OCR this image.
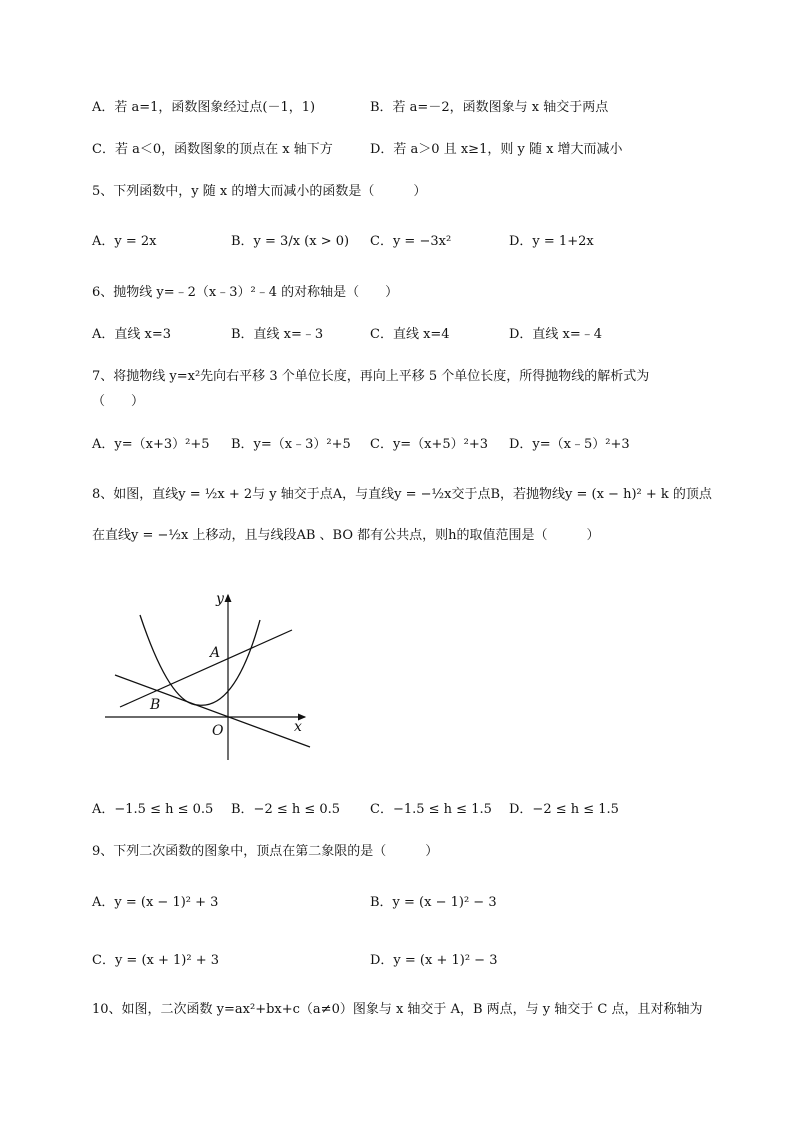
A．若 a=1，函数图象经过点(－1，1)	B．若 a=－2，函数图象与 x 轴交于两点
C．若 a＜0，函数图象的顶点在 x 轴下方	D．若 a＞0 且 x≥1，则 y 随 x 增大而减小
5、下列函数中，y 随 x 的增大而减小的函数是（　　　）
A．y = 2x	B．y = 3/x (x > 0) C．y = −3x²	D．y = 1+2x
6、抛物线 y=﹣2（x﹣3）²﹣4 的对称轴是（　　）
A．直线 x=3	B．直线 x=﹣3	C．直线 x=4	D．直线 x=﹣4
7、将抛物线 y=x²先向右平移 3 个单位长度，再向上平移 5 个单位长度，所得抛物线的解析式为
（　　）
A．y=（x+3）²+5 B．y=（x﹣3）²+5 C．y=（x+5）²+3 D．y=（x﹣5）²+3
8、如图，直线y = ½x + 2与 y 轴交于点A，与直线y = −½x交于点B，若抛物线y = (x − h)² + k 的顶点
在直线y = −½x 上移动，且与线段AB 、BO 都有公共点，则h的取值范围是（　　　）
y
x
A
B
O
A．−1.5 ≤ h ≤ 0.5 B．−2 ≤ h ≤ 0.5 C．−1.5 ≤ h ≤ 1.5 D．−2 ≤ h ≤ 1.5
9、下列二次函数的图象中，顶点在第二象限的是（　　　）
A．y = (x − 1)² + 3	B．y = (x − 1)² − 3
C．y = (x + 1)² + 3	D．y = (x + 1)² − 3
10、如图，二次函数 y=ax²+bx+c（a≠0）图象与 x 轴交于 A，B 两点，与 y 轴交于 C 点，且对称轴为
